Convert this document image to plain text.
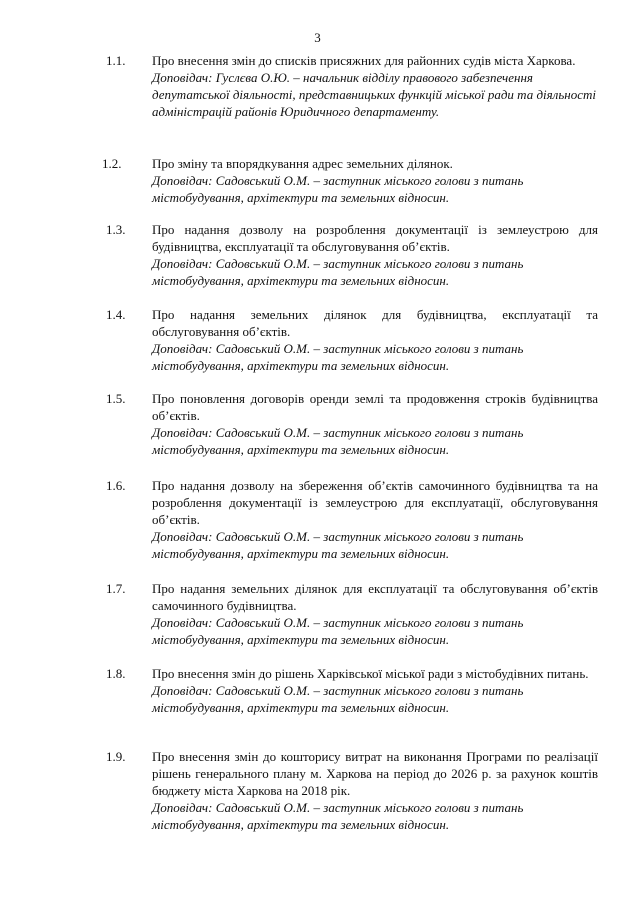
3
1.1. Про внесення змін до списків присяжних для районних судів міста Харкова.
Доповідач: Гуслєва О.Ю. – начальник відділу правового забезпечення депутатської діяльності, представницьких функцій міської ради та діяльності адміністрацій районів Юридичного департаменту.
1.2. Про зміну та впорядкування адрес земельних ділянок.
Доповідач: Садовський О.М. – заступник міського голови з питань містобудування, архітектури та земельних відносин.
1.3. Про надання дозволу на розроблення документації із землеустрою для будівництва, експлуатації та обслуговування об’єктів.
Доповідач: Садовський О.М. – заступник міського голови з питань містобудування, архітектури та земельних відносин.
1.4. Про надання земельних ділянок для будівництва, експлуатації та обслуговування об’єктів.
Доповідач: Садовський О.М. – заступник міського голови з питань містобудування, архітектури та земельних відносин.
1.5. Про поновлення договорів оренди землі та продовження строків будівництва об’єктів.
Доповідач: Садовський О.М. – заступник міського голови з питань містобудування, архітектури та земельних відносин.
1.6. Про надання дозволу на збереження об’єктів самочинного будівництва та на розроблення документації із землеустрою для експлуатації, обслуговування об’єктів.
Доповідач: Садовський О.М. – заступник міського голови з питань містобудування, архітектури та земельних відносин.
1.7. Про надання земельних ділянок для експлуатації та обслуговування об’єктів самочинного будівництва.
Доповідач: Садовський О.М. – заступник міського голови з питань містобудування, архітектури та земельних відносин.
1.8. Про внесення змін до рішень Харківської міської ради з містобудівних питань.
Доповідач: Садовський О.М. – заступник міського голови з питань містобудування, архітектури та земельних відносин.
1.9. Про внесення змін до кошторису витрат на виконання Програми по реалізації рішень генерального плану м. Харкова на період до 2026 р. за рахунок коштів бюджету міста Харкова на 2018 рік.
Доповідач: Садовський О.М. – заступник міського голови з питань містобудування, архітектури та земельних відносин.
